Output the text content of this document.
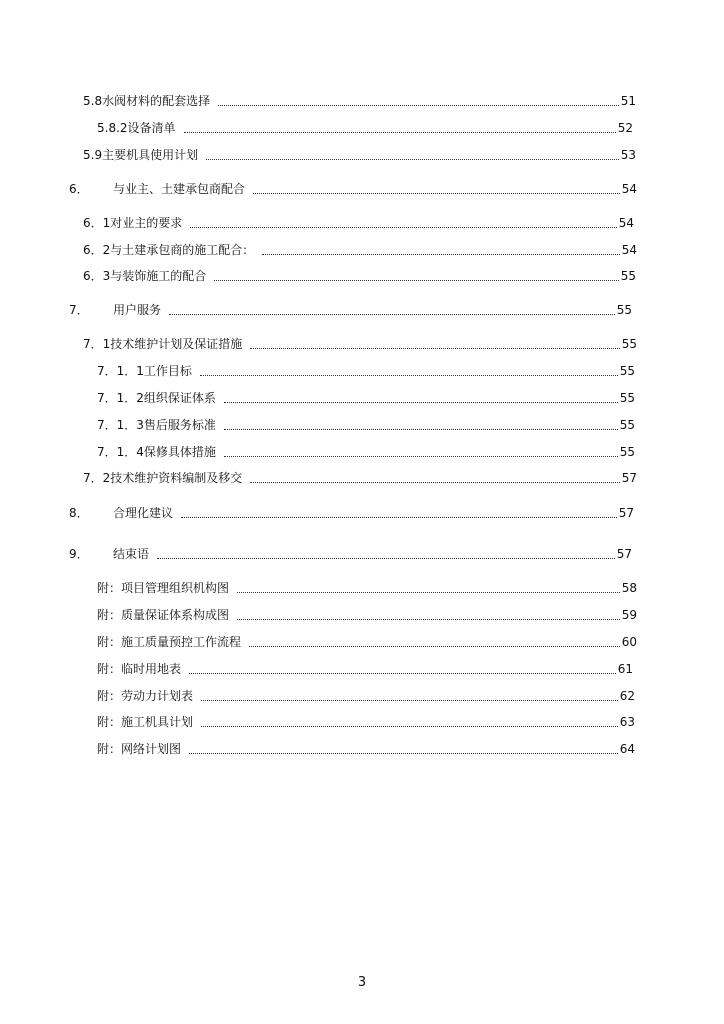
5.8 水阀材料的配套选择	51
5.8.2 设备清单	52
5.9 主要机具使用计划	53
6．	与业主、土建承包商配合	54
6．1 对业主的要求	54
6．2 与土建承包商的施工配合：	54
6．3 与装饰施工的配合	55
7．	用户服务	55
7．1 技术维护计划及保证措施	55
7．1．1 工作目标	55
7．1．2 组织保证体系	55
7．1．3 售后服务标准	55
7．1．4 保修具体措施	55
7．2 技术维护资料编制及移交	57
8．	合理化建议	57
9．	结束语	57
附： 项目管理组织机构图	58
附： 质量保证体系构成图	59
附： 施工质量预控工作流程	60
附： 临时用地表	61
附： 劳动力计划表	62
附： 施工机具计划	63
附： 网络计划图	64
3
